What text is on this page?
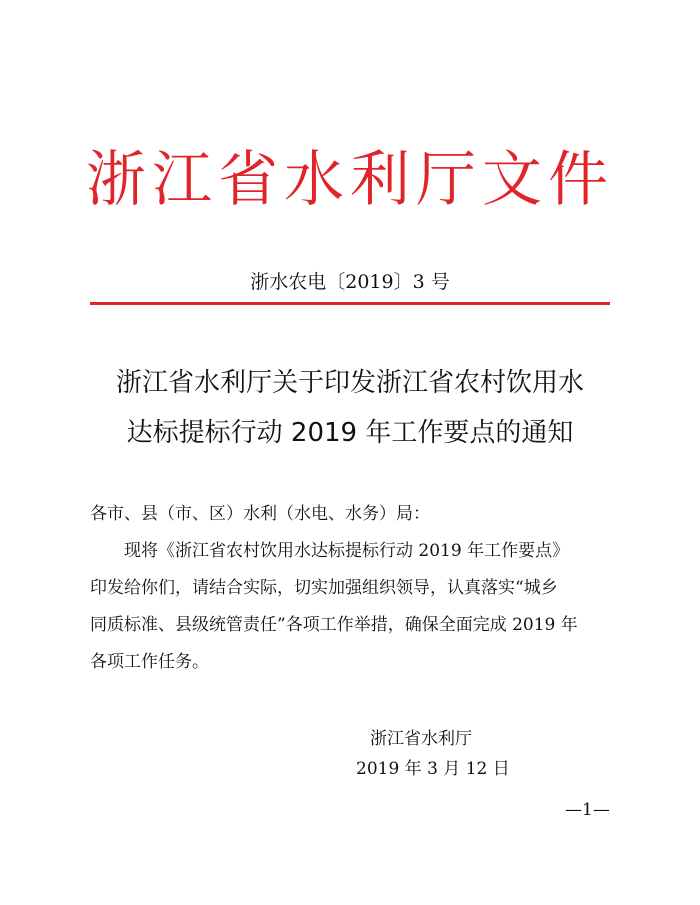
浙江省水利厅文件
浙水农电〔2019〕3 号
浙江省水利厅关于印发浙江省农村饮用水
达标提标行动 2019 年工作要点的通知
各市、县（市、区）水利（水电、水务）局：
现将《浙江省农村饮用水达标提标行动 2019 年工作要点》
印发给你们，请结合实际，切实加强组织领导，认真落实“城乡
同质标准、县级统管责任”各项工作举措，确保全面完成 2019 年
各项工作任务。
浙江省水利厅
2019 年 3 月 12 日
—1—
